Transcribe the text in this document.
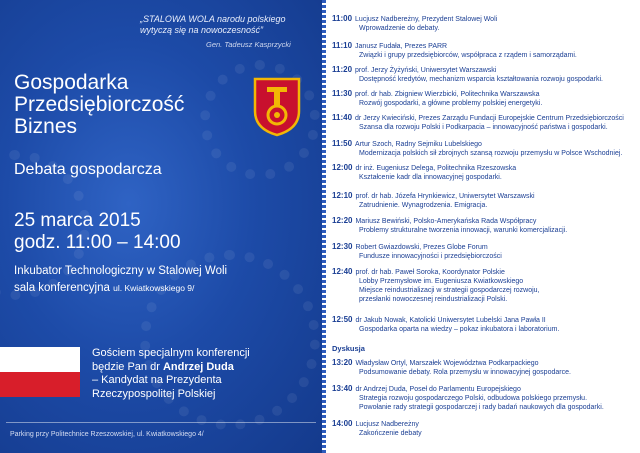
„STALOWA WOLA narodu polskiego wytyczą się na nowoczesność”
Gen. Tadeusz Kasprzycki
Gospodarka
Przedsiębiorczość
Biznes
Debata gospodarcza
25 marca 2015
godz. 11:00 – 14:00
Inkubator Technologiczny w Stalowej Woli
sala konferencyjna ul. Kwiatkowskiego 9/
Gościem specjalnym konferencji
będzie Pan dr Andrzej Duda
– Kandydat na Prezydenta
Rzeczypospolitej Polskiej
Parking przy Politechnice Rzeszowskiej, ul. Kwiatkowskiego 4/
11:00 Lucjusz Nadbereżny, Prezydent Stalowej Woli
Wprowadzenie do debaty.
11:10 Janusz Fudała, Prezes PARR
Związki i grupy przedsiębiorców, współpraca z rządem i samorządami.
11:20 prof. Jerzy Żyżyński, Uniwersytet Warszawski
Dostępność kredytów, mechanizm wsparcia kształtowania rozwoju gospodarki.
11:30 prof. dr hab. Zbigniew Wierzbicki, Politechnika Warszawska
Rozwój gospodarki, a główne problemy polskiej energetyki.
11:40 dr Jerzy Kwieciński, Prezes Zarządu Fundacji Europejskie Centrum Przedsiębiorczości
Szansa dla rozwoju Polski i Podkarpacia – innowacyjność państwa i gospodarki.
11:50 Artur Szoch, Radny Sejmiku Lubelskiego
Modernizacja polskich sił zbrojnych szansą rozwoju przemysłu w Polsce Wschodniej.
12:00 dr inż. Eugeniusz Delega, Politechnika Rzeszowska
Kształcenie kadr dla innowacyjnej gospodarki.
12:10 prof. dr hab. Józefa Hrynkiewicz, Uniwersytet Warszawski
Zatrudnienie. Wynagrodzenia. Emigracja.
12:20 Mariusz Bewiński, Polsko-Amerykańska Rada Współpracy
Problemy strukturalne tworzenia innowacji, warunki komercjalizacji.
12:30 Robert Gwiazdowski, Prezes Globe Forum
Fundusze innowacyjności i przedsiębiorczości
12:40 prof. dr hab. Paweł Soroka, Koordynator Polskie
Lobby Przemysłowe im. Eugeniusza Kwiatkowskiego
Miejsce reindustrializacji w strategii gospodarczej rozwoju,
przesłanki nowoczesnej reindustrializacji Polski.
12:50 dr Jakub Nowak, Katolicki Uniwersytet Lubelski Jana Pawła II
Gospodarka oparta na wiedzy – pokaz inkubatora i laboratorium.
Dyskusja
13:20 Władysław Ortyl, Marszałek Województwa Podkarpackiego
Podsumowanie debaty. Rola przemysłu w innowacyjnej gospodarce.
13:40 dr Andrzej Duda, Poseł do Parlamentu Europejskiego
Strategia rozwoju gospodarczego Polski, odbudowa polskiego przemysłu.
Powołanie rady strategii gospodarczej i rady badań naukowych dla gospodarki.
14:00 Lucjusz Nadbereżny
Zakończenie debaty
